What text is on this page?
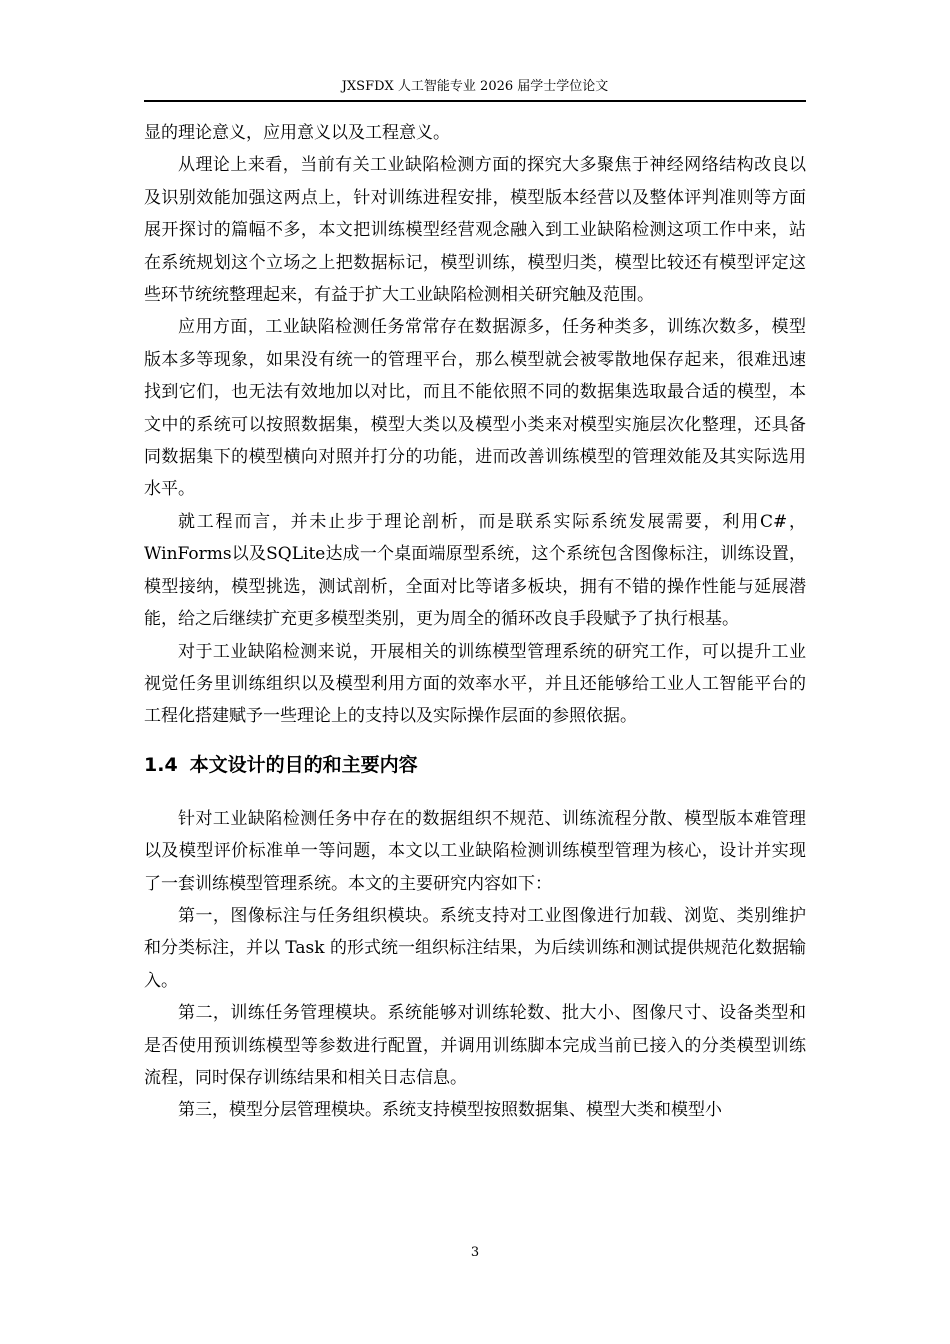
JXSFDX 人工智能专业 2026 届学士学位论文

显的理论意义，应用意义以及工程意义。

从理论上来看，当前有关工业缺陷检测方面的探究大多聚焦于神经网络结构改良以及识别效能加强这两点上，针对训练进程安排，模型版本经营以及整体评判准则等方面展开探讨的篇幅不多，本文把训练模型经营观念融入到工业缺陷检测这项工作中来，站在系统规划这个立场之上把数据标记，模型训练，模型归类，模型比较还有模型评定这些环节统统整理起来，有益于扩大工业缺陷检测相关研究触及范围。

应用方面，工业缺陷检测任务常常存在数据源多，任务种类多，训练次数多，模型版本多等现象，如果没有统一的管理平台，那么模型就会被零散地保存起来，很难迅速找到它们，也无法有效地加以对比，而且不能依照不同的数据集选取最合适的模型，本文中的系统可以按照数据集，模型大类以及模型小类来对模型实施层次化整理，还具备同数据集下的模型横向对照并打分的功能，进而改善训练模型的管理效能及其实际选用水平。

就工程而言，并未止步于理论剖析，而是联系实际系统发展需要，利用C#，WinForms以及SQLite达成一个桌面端原型系统，这个系统包含图像标注，训练设置，模型接纳，模型挑选，测试剖析，全面对比等诸多板块，拥有不错的操作性能与延展潜能，给之后继续扩充更多模型类别，更为周全的循环改良手段赋予了执行根基。

对于工业缺陷检测来说，开展相关的训练模型管理系统的研究工作，可以提升工业视觉任务里训练组织以及模型利用方面的效率水平，并且还能够给工业人工智能平台的工程化搭建赋予一些理论上的支持以及实际操作层面的参照依据。

1.4 本文设计的目的和主要内容

针对工业缺陷检测任务中存在的数据组织不规范、训练流程分散、模型版本难管理以及模型评价标准单一等问题，本文以工业缺陷检测训练模型管理为核心，设计并实现了一套训练模型管理系统。本文的主要研究内容如下：

第一，图像标注与任务组织模块。系统支持对工业图像进行加载、浏览、类别维护和分类标注，并以 Task 的形式统一组织标注结果，为后续训练和测试提供规范化数据输入。

第二，训练任务管理模块。系统能够对训练轮数、批大小、图像尺寸、设备类型和是否使用预训练模型等参数进行配置，并调用训练脚本完成当前已接入的分类模型训练流程，同时保存训练结果和相关日志信息。

第三，模型分层管理模块。系统支持模型按照数据集、模型大类和模型小

3
